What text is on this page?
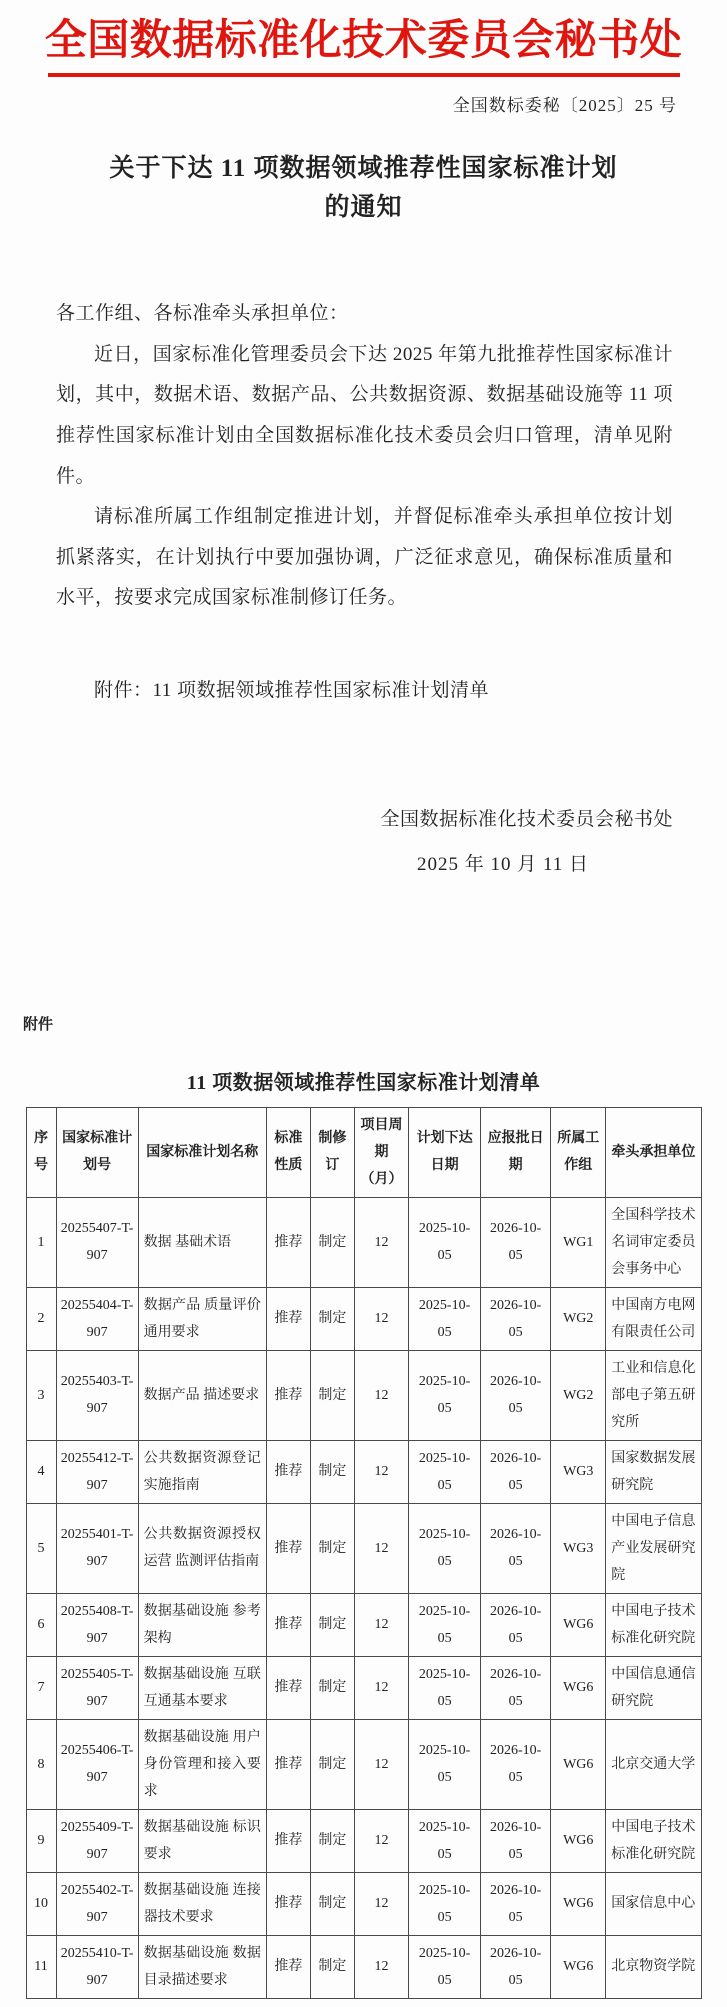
全国数据标准化技术委员会秘书处
全国数标委秘〔2025〕25 号
关于下达 11 项数据领域推荐性国家标准计划
的通知

各工作组、各标准牵头承担单位：

近日，国家标准化管理委员会下达 2025 年第九批推荐性国家标准计划，其中，数据术语、数据产品、公共数据资源、数据基础设施等 11 项推荐性国家标准计划由全国数据标准化技术委员会归口管理，清单见附件。

请标准所属工作组制定推进计划，并督促标准牵头承担单位按计划抓紧落实，在计划执行中要加强协调，广泛征求意见，确保标准质量和水平，按要求完成国家标准制修订任务。

附件：11 项数据领域推荐性国家标准计划清单

全国数据标准化技术委员会秘书处
2025 年 10 月 11 日
附件
11 项数据领域推荐性国家标准计划清单
序号	国家标准计划号	国家标准计划名称	标准性质	制修订	项目周期（月）	计划下达日期	应报批日期	所属工作组	牵头承担单位
1	20255407-T-907	数据 基础术语	推荐	制定	12	2025-10-05	2026-10-05	WG1	全国科学技术名词审定委员会事务中心
2	20255404-T-907	数据产品 质量评价通用要求	推荐	制定	12	2025-10-05	2026-10-05	WG2	中国南方电网有限责任公司
3	20255403-T-907	数据产品 描述要求	推荐	制定	12	2025-10-05	2026-10-05	WG2	工业和信息化部电子第五研究所
4	20255412-T-907	公共数据资源登记 实施指南	推荐	制定	12	2025-10-05	2026-10-05	WG3	国家数据发展研究院
5	20255401-T-907	公共数据资源授权运营 监测评估指南	推荐	制定	12	2025-10-05	2026-10-05	WG3	中国电子信息产业发展研究院
6	20255408-T-907	数据基础设施 参考架构	推荐	制定	12	2025-10-05	2026-10-05	WG6	中国电子技术标准化研究院
7	20255405-T-907	数据基础设施 互联互通基本要求	推荐	制定	12	2025-10-05	2026-10-05	WG6	中国信息通信研究院
8	20255406-T-907	数据基础设施 用户身份管理和接入要求	推荐	制定	12	2025-10-05	2026-10-05	WG6	北京交通大学
9	20255409-T-907	数据基础设施 标识要求	推荐	制定	12	2025-10-05	2026-10-05	WG6	中国电子技术标准化研究院
10	20255402-T-907	数据基础设施 连接器技术要求	推荐	制定	12	2025-10-05	2026-10-05	WG6	国家信息中心
11	20255410-T-907	数据基础设施 数据目录描述要求	推荐	制定	12	2025-10-05	2026-10-05	WG6	北京物资学院
